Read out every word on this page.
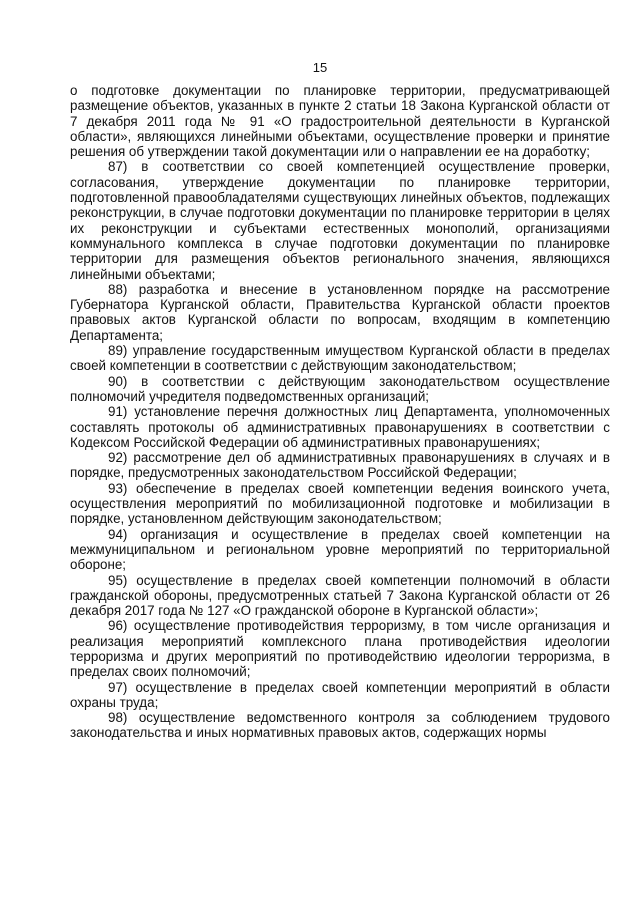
15

о подготовке документации по планировке территории, предусматривающей размещение объектов, указанных в пункте 2 статьи 18 Закона Курганской области от 7 декабря 2011 года № 91 «О градостроительной деятельности в Курганской области», являющихся линейными объектами, осуществление проверки и принятие решения об утверждении такой документации или о направлении ее на доработку;

87) в соответствии со своей компетенцией осуществление проверки, согласования, утверждение документации по планировке территории, подготовленной правообладателями существующих линейных объектов, подлежащих реконструкции, в случае подготовки документации по планировке территории в целях их реконструкции и субъектами естественных монополий, организациями коммунального комплекса в случае подготовки документации по планировке территории для размещения объектов регионального значения, являющихся линейными объектами;

88) разработка и внесение в установленном порядке на рассмотрение Губернатора Курганской области, Правительства Курганской области проектов правовых актов Курганской области по вопросам, входящим в компетенцию Департамента;

89) управление государственным имуществом Курганской области в пределах своей компетенции в соответствии с действующим законодательством;

90) в соответствии с действующим законодательством осуществление полномочий учредителя подведомственных организаций;

91) установление перечня должностных лиц Департамента, уполномоченных составлять протоколы об административных правонарушениях в соответствии с Кодексом Российской Федерации об административных правонарушениях;

92) рассмотрение дел об административных правонарушениях в случаях и в порядке, предусмотренных законодательством Российской Федерации;

93) обеспечение в пределах своей компетенции ведения воинского учета, осуществления мероприятий по мобилизационной подготовке и мобилизации в порядке, установленном действующим законодательством;

94) организация и осуществление в пределах своей компетенции на межмуниципальном и региональном уровне мероприятий по территориальной обороне;

95) осуществление в пределах своей компетенции полномочий в области гражданской обороны, предусмотренных статьей 7 Закона Курганской области от 26 декабря 2017 года № 127 «О гражданской обороне в Курганской области»;

96) осуществление противодействия терроризму, в том числе организация и реализация мероприятий комплексного плана противодействия идеологии терроризма и других мероприятий по противодействию идеологии терроризма, в пределах своих полномочий;

97) осуществление в пределах своей компетенции мероприятий в области охраны труда;

98) осуществление ведомственного контроля за соблюдением трудового законодательства и иных нормативных правовых актов, содержащих нормы
